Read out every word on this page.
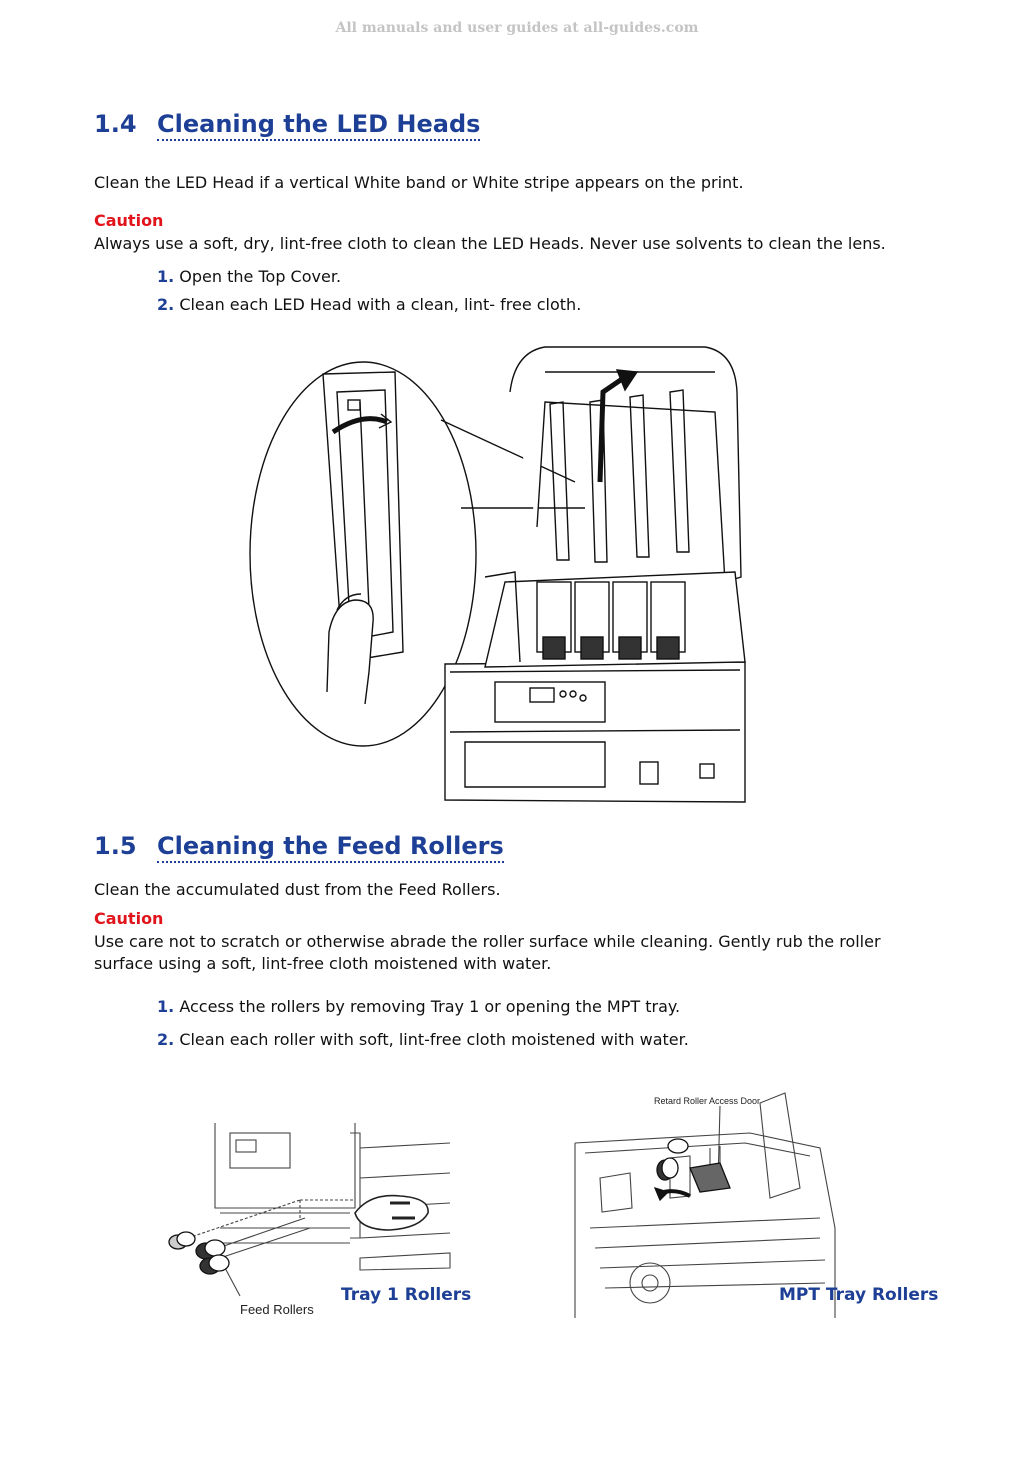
All manuals and user guides at all-guides.com
1.4 Cleaning the LED Heads
Clean the LED Head if a vertical White band or White stripe appears on the print.
Caution
Always use a soft, dry, lint-free cloth to clean the LED Heads. Never use solvents to clean the lens.
1. Open the Top Cover.
2. Clean each LED Head with a clean, lint- free cloth.
1.5 Cleaning the Feed Rollers
Clean the accumulated dust from the Feed Rollers.
Caution
Use care not to scratch or otherwise abrade the roller surface while cleaning. Gently rub the roller surface using a soft, lint-free cloth moistened with water.
1. Access the rollers by removing Tray 1 or opening the MPT tray.
2. Clean each roller with soft, lint-free cloth moistened with water.
Feed Rollers
Tray 1 Rollers
Retard Roller Access Door
MPT Tray Rollers
